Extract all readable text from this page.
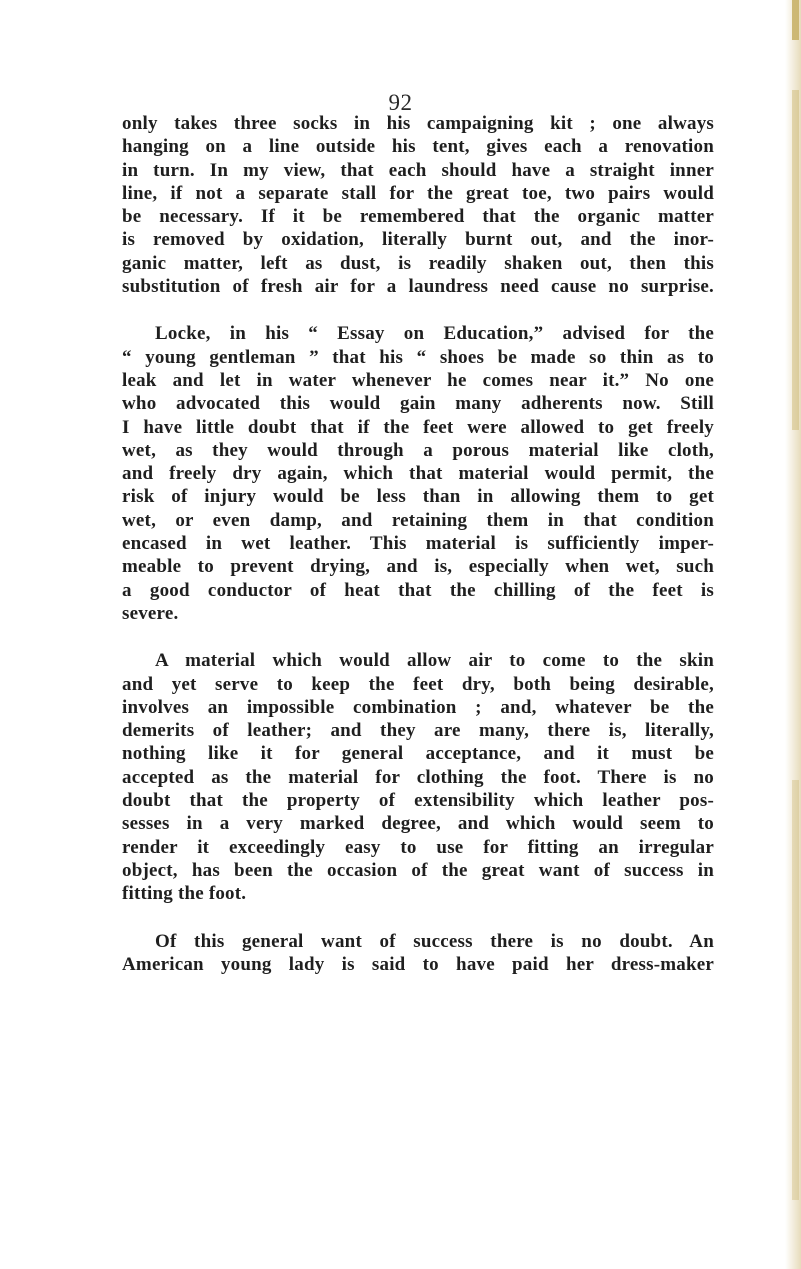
92

only takes three socks in his campaigning kit ; one always
hanging on a line outside his tent, gives each a renovation
in turn. In my view, that each should have a straight inner
line, if not a separate stall for the great toe, two pairs would
be necessary. If it be remembered that the organic matter
is removed by oxidation, literally burnt out, and the inor-
ganic matter, left as dust, is readily shaken out, then this
substitution of fresh air for a laundress need cause no surprise.

Locke, in his “ Essay on Education,” advised for the
“ young gentleman ” that his “ shoes be made so thin as to
leak and let in water whenever he comes near it.” No one
who advocated this would gain many adherents now. Still
I have little doubt that if the feet were allowed to get freely
wet, as they would through a porous material like cloth,
and freely dry again, which that material would permit, the
risk of injury would be less than in allowing them to get
wet, or even damp, and retaining them in that condition
encased in wet leather. This material is sufficiently imper-
meable to prevent drying, and is, especially when wet, such
a good conductor of heat that the chilling of the feet is
severe.

A material which would allow air to come to the skin
and yet serve to keep the feet dry, both being desirable,
involves an impossible combination ; and, whatever be the
demerits of leather; and they are many, there is, literally,
nothing like it for general acceptance, and it must be
accepted as the material for clothing the foot. There is no
doubt that the property of extensibility which leather pos-
sesses in a very marked degree, and which would seem to
render it exceedingly easy to use for fitting an irregular
object, has been the occasion of the great want of success in
fitting the foot.

Of this general want of success there is no doubt. An
American young lady is said to have paid her dress-maker
